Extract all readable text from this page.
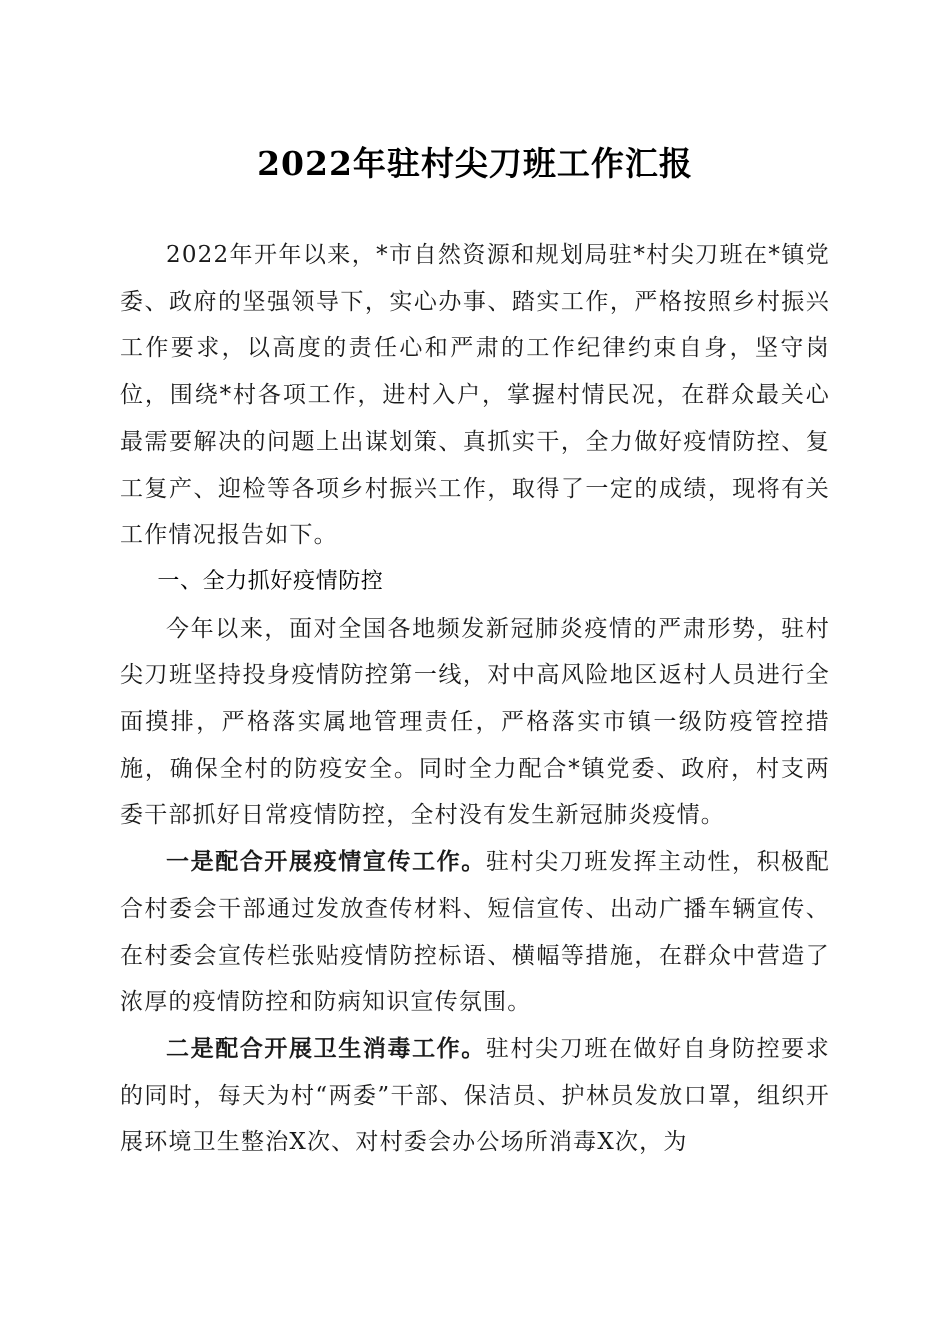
2022年驻村尖刀班工作汇报

2022年开年以来，*市自然资源和规划局驻*村尖刀班在*镇党委、政府的坚强领导下，实心办事、踏实工作，严格按照乡村振兴工作要求，以高度的责任心和严肃的工作纪律约束自身，坚守岗位，围绕*村各项工作，进村入户，掌握村情民况，在群众最关心最需要解决的问题上出谋划策、真抓实干，全力做好疫情防控、复工复产、迎检等各项乡村振兴工作，取得了一定的成绩，现将有关工作情况报告如下。

一、全力抓好疫情防控

今年以来，面对全国各地频发新冠肺炎疫情的严肃形势，驻村尖刀班坚持投身疫情防控第一线，对中高风险地区返村人员进行全面摸排，严格落实属地管理责任，严格落实市镇一级防疫管控措施，确保全村的防疫安全。同时全力配合*镇党委、政府，村支两委干部抓好日常疫情防控，全村没有发生新冠肺炎疫情。

一是配合开展疫情宣传工作。驻村尖刀班发挥主动性，积极配合村委会干部通过发放查传材料、短信宣传、出动广播车辆宣传、在村委会宣传栏张贴疫情防控标语、横幅等措施，在群众中营造了浓厚的疫情防控和防病知识宣传氛围。

二是配合开展卫生消毒工作。驻村尖刀班在做好自身防控要求的同时，每天为村“两委”干部、保洁员、护林员发放口罩，组织开展环境卫生整治X次、对村委会办公场所消毒X次，为
